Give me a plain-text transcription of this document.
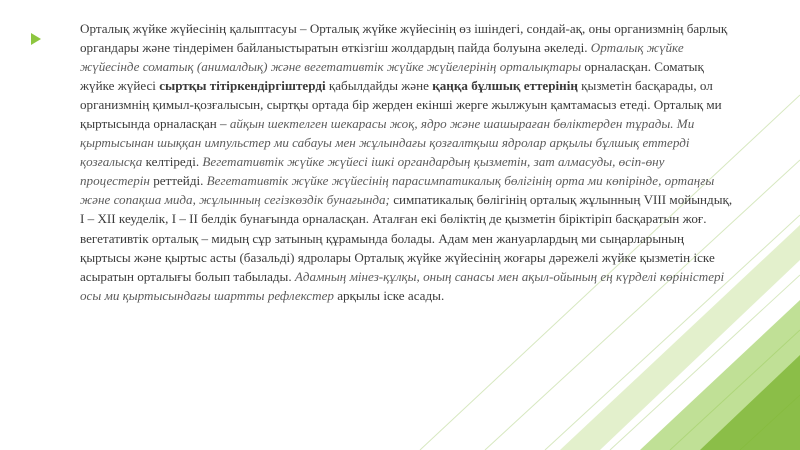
Орталық жүйке жүйесінің қалыптасуы – Орталық жүйке жүйесінің өз ішіндегі, сондай-ақ, оны организмнің барлық органдары және тіндерімен байланыстыратын өткізгіш жолдардың пайда болуына әкеледі. Орталық жүйке жүйесінде соматық (анималдық) және вегетативтік жүйке жүйелерінің орталықтары орналасқан. Соматық жүйке жүйесі сыртқы тітіркендіргіштерді қабылдайды және қаңқа бұлшық еттерінің қызметін басқарады, ол организмнің қимыл-қозғалысын, сыртқы ортада бір жерден екінші жерге жылжуын қамтамасыз етеді. Орталық ми қыртысында орналасқан – айқын шектелген шекарасы жоқ, ядро және шашыраған бөліктерден тұрады. Ми қыртысынан шыққан импульстер ми сабауы мен жұлындағы қозғалтқыш ядролар арқылы бұлшық еттерді қозғалысқа келтіреді. Вегетативтік жүйке жүйесі ішкі органдардың қызметін, зат алмасуды, өсіп-өну процестерін реттейді. Вегетативтік жүйке жүйесінің парасимпатикалық бөлігінің орта ми көпірінде, ортаңғы және сопақша мида, жұлынның сегізкөздік бунағында; симпатикалық бөлігінің орталық жұлынның VIII мойындық, I – XII кеуделік, I – II белдік бунағында орналасқан. Аталған екі бөліктің де қызметін біріктіріп басқаратын жоғ. вегетативтік орталық – мидың сұр затының құрамында болады. Адам мен жануарлардың ми сыңарларының қыртысы және қыртыс асты (базальді) ядролары Орталық жүйке жүйесінің жоғары дәрежелі жүйке қызметін іске асыратын орталығы болып табылады. Адамның мінез-құлқы, оның санасы мен ақыл-ойының ең күрделі көріністері осы ми қыртысындағы шартты рефлекстер арқылы іске асады.
